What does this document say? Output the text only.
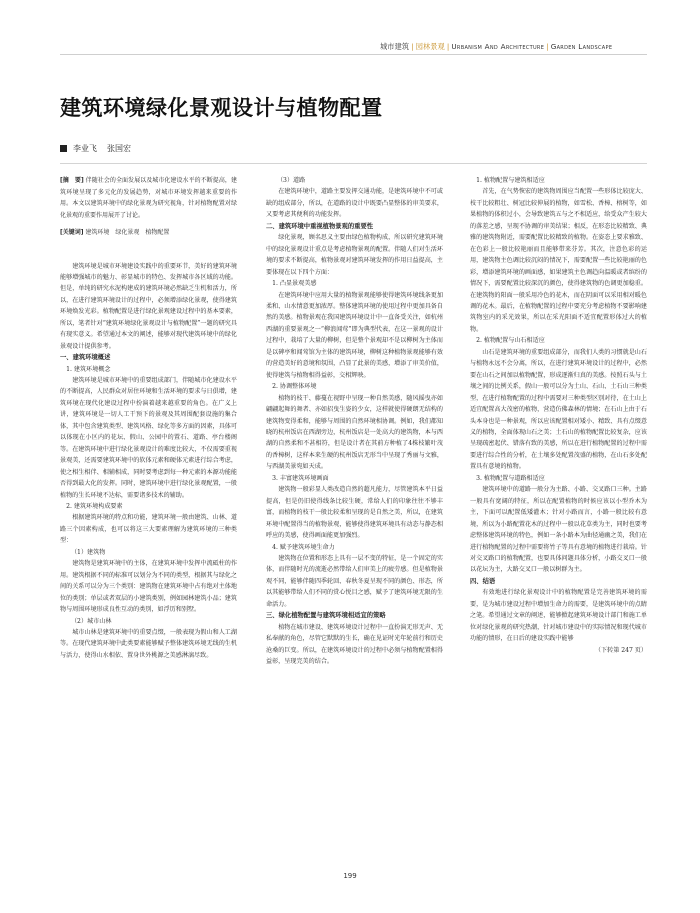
城市建筑 | 园林景观 | Urbanism And Architecture | Garden Landscape
建筑环境绿化景观设计与植物配置
李业飞 张国宏

[摘　要] 伴随社会的全面发展以及城市化建设水平的不断提高，建筑环境呈现了多元化的发展趋势，对城市环境发挥越来重要的作用。本文以建筑环境中的绿化景观为研究视角，针对植物配置对绿化景观的重要作用展开了讨论。

[关键词] 建筑环境　绿化景观　植物配置

建筑环境是城市环境建设实践中的重要环节，美好的建筑环境能够增强城市的魅力、彰显城市的特色、发挥城市各区域的功能。但是，单纯的研究水泥构建成的建筑环境必然缺乏生机和活力，所以，在进行建筑环境设计的过程中，必须增添绿化景观，使得建筑环境焕发光彩。植物配置是进行绿化景观建设过程中的基本要素，所以，笔者针对“建筑环境绿化景观设计与植物配置”一题的研究具有现实意义。希望通过本文的阐述，能够对现代建筑环境中的绿化景观设计提供参考。

一、建筑环境概述

1. 建筑环境概念

建筑环境是城市环境中的重要组成部门，伴随城市化建设水平的不断提高，人民群众对居住环境和生活环境的要求与日俱增，建筑环境在现代化建设过程中扮演着越来越重要的角色。在广义上讲，建筑环境是一切人工干预下的景观及其周围配套设施的集合体，其中包含建筑类型、建筑风格、绿化等多方面的因素，具体可以体现在小区内的花坛、假山、公园中的置石、道路、亭台楼阁等。在建筑环境中进行绿化景观设计的难度比较大，不仅需要重视景观美，还需要建筑环境中的软体元素和硬体元素进行综合考虑，使之相生相伴、相辅相成，同时要考虑到每一种元素的本源功能能否得到最大化的发挥。同时，建筑环境中进行绿化景观配置，一般植物的生长环境不达标，需要诸多技术的辅助。

2. 建筑环境构成要素

根据建筑环境的特点和功能，建筑环境一般由建筑、山林、道路三个因素构成，也可以将这三大要素理解为建筑环境的三种类型：

（1）建筑物

建筑物是建筑环境中的主体，在建筑环境中发挥中流砥柱的作用。建筑根据不同的标准可以划分为不同的类型，根据其与绿化之间的关系可以分为三个类别：建筑物在建筑环境中占有绝对主体地位的类别；单层或者双层的小建筑类别，例如园林建筑小品；建筑物与周围环境形成良性互动的类别，如浮历和别墅。

（2）城市山林

城市山林是建筑环境中的重要点缀，一般表现为假山和人工湖等。在现代建筑环境中此类要素能够赋予整体建筑环境无线的生机与活力，使得山水相依、置身世外桃源之美感淋漓尽致。

（3）道路

在建筑环境中，道路主要发挥交通功能，是建筑环境中不可或缺的组成部分，所以，在道路的设计中既要凸显整体的审美要求，又要考虑其便利的功能发挥。

二、建筑环境中重视植物景观的重要性

绿化景观，顾名思义主要由绿色植物构成，所以研究建筑环境中的绿化景观设计重点是考虑植物景观的配置。伴随人们对生活环境的要求不断提高，植物景观对建筑环境发挥的作用日益提高，主要体现在以下四个方面：

1. 凸显景观美感

在建筑环境中应用大量的植物景观能够使得建筑环境线条更加柔和、山水情意更加浓厚。整体建筑环境的使用过程中更加具备自然的美感。植物景观在我国建筑环境设计中一直备受关注，如杭州西湖的重要景观之一“柳浪闻莺”即为典型代表，在这一景观的设计过程中，栽培了大量的柳树，但是整个景观却不是以柳树为主体而是以碑亭和闻莺馆为主体的建筑环境，柳树这种植物景观能够有效的营造美好的意境和氛围，凸显了此景的美感，增添了审美价值，使得建筑与植物相得益彰，交相辉映。

2. 协调整体环境

植物的枝干、藤蔓在视野中呈现一种自然美感，随风摇曳亦如翩翩起舞的舞者、亦如招曳生姿的少女，这样就使得硬朗无结构的建筑物变得柔和，能够与周围的自然环境相协调。例如，我们都知晓的杭州饭店在西湖旁边，杭州饭店是一处高大的建筑物，本与西湖的自然柔和不甚相符，但是设计者在其前方种植了4株枝繁叶茂的香樟树，这样本来生硬的杭州饭店无形当中呈现了秀丽与文雅，与西湖美景宛如天成。

3. 丰富建筑环境画面

建筑物一般彩显人类改造自然的超凡能力，尽管建筑本平日益提高，但是仍旧使得线条比较生硬，常给人们的印象往往不够丰富，而植物的枝干一般比较柔和呈现的是自然之美，所以，在建筑环境中配置得当的植物景观，能够使得建筑环境具有动态与静态相呼应的美感，使得画面能更加强烈。

4. 赋予建筑环境生命力

建筑物在位置和形态上具有一层不变的特征，是一个固定的实体，而伴随时光的流逝必然带给人们审美上的疲劳感。但是植物景观不同，能够伴随四季轮回、春秋冬夏呈现不同的颜色、形态，所以其能够带给人们不同的赏心悦目之感，赋予了建筑环境无限的生命活力。

三、绿化植物配置与建筑环境相适宜的策略

植物在城市建设、建筑环境设计过程中一直扮演无形无声、无私奉献的角色，尽管它默默的生长，确在见证时光年轮前行和历史沧桑的巨变。所以，在建筑环境设计的过程中必须与植物配置相得益彰，呈现完美的结合。

1. 植物配置与建筑相适应

首先，在气势恢宏的建筑物周围应当配置一些形体比较庞大、枝干比较粗壮、树冠比较伸展的植物，如雪松、香樟、榕树等，如果植物的体积过小，会导致建筑五与之不相适应，给受众产生较大的落差之感，呈现不协调的审美结果；相反，在形态比较精致、典雅的建筑物附近，需要配置比较精致的植物。在姿态上要求雅致、在色彩上一般比较艳丽而且能够带来芬芳。其次，注意色彩的运用，建筑物主色调比较沉闷的情况下，需要配置一些比较艳丽的色彩，增添建筑环境的画面感，如果建筑主色调趋向温暖或者缤纷的情况下，需要配置比较深沉的颜色，使得建筑物的色调更加稳重。在建筑物的阳面一般采用冷色的花木，而在阴面可以采用相对暖色调的花木。最后，在植物配置的过程中要充分考虑植物不要影响建筑物室内的采光效果，所以在采光阳面不适宜配置形体过大的植物。

2. 植物配置与山石相适应

山石是建筑环境的重要组成部分，而我们人类的习惯就是山石与植物永远不会分离，所以，在进行建筑环境设计的过程中，必然要在山石之间加以植物配置，形成逐渐归真的美感。按照石头与土壤之间的比例关系，假山一般可以分为土山、石山、土石山三种类型，在进行植物配置的过程中需要对三种类型区别对待，在土山上适宜配置高大茂密的植物，营造仿佛森林的情境；在石山上由于石头本身也是一种景观，所以应该配置相对矮小、精致、具有点缀意义的植物，全面体现山石之美；土石山的植物配置比较复杂，应该呈现疏密起伏、错落有致的美感，所以在进行植物配置的过程中需要进行综合性的分析，在土壤多处配置茂盛的植物，在山石多处配置具有意境的植物。

3. 植物配置与道路相适应

建筑环境中的道路一般分为主路、小路、交叉路口三种。主路一般具有宽阔的特征，所以在配置植物的时候应该以小型乔木为主，下面可以配置低矮灌木；针对小路而言，小路一般比较有意境，所以为小路配置花木的过程中一般以花草类为主，同时也要考虑整体建筑环境的特色，例如一条小路本为曲径通幽之美，我们在进行植物配置的过程中需要将竹子等具有意境的植物进行栽培。针对交叉路口的植物配置，也要具体问题具体分析，小路交叉口一般以花坛为主，大路交叉口一般以树群为主。

四、结语

有效地进行绿化景观设计中的植物配置是完善建筑环境的需要，是为城市建设过程中增加生命力的需要，是建筑环境中的点睛之笔。希望通过文章的阐述，能够掀起建筑环境设计部门和施工单位对绿化景观的研究热潮，针对城市建设中的实际情况和现代城市功能的情形，在日后的建设实践中能够

（下转第 247 页）

199
